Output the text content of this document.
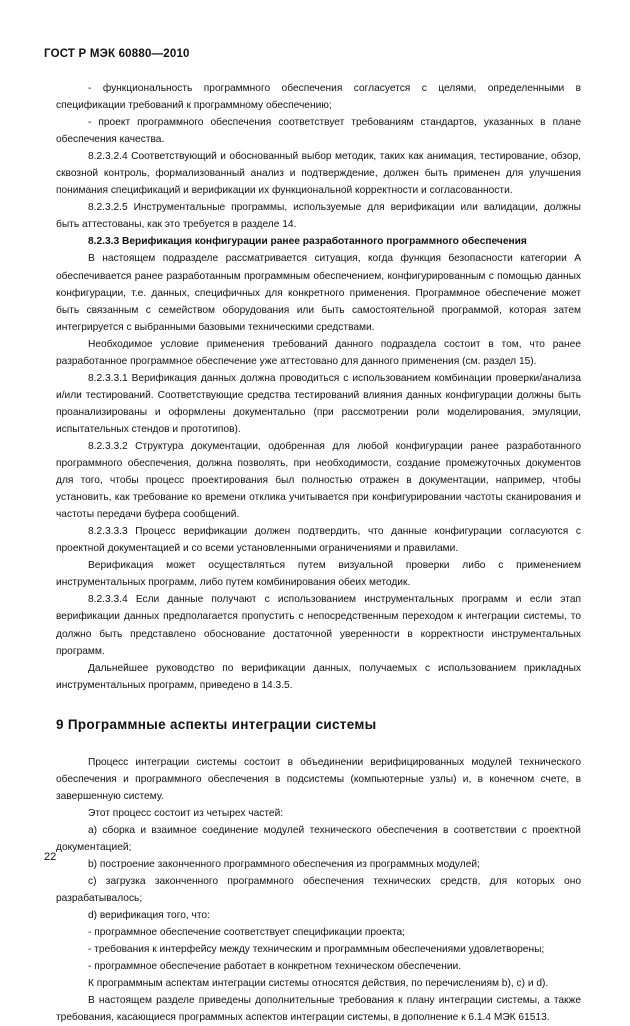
ГОСТ Р МЭК 60880—2010

- функциональность программного обеспечения согласуется с целями, определенными в спецификации требований к программному обеспечению;

- проект программного обеспечения соответствует требованиям стандартов, указанных в плане обеспечения качества.

8.2.3.2.4 Соответствующий и обоснованный выбор методик, таких как анимация, тестирование, обзор, сквозной контроль, формализованный анализ и подтверждение, должен быть применен для улучшения понимания спецификаций и верификации их функциональной корректности и согласованности.

8.2.3.2.5 Инструментальные программы, используемые для верификации или валидации, должны быть аттестованы, как это требуется в разделе 14.

8.2.3.3 Верификация конфигурации ранее разработанного программного обеспечения

В настоящем подразделе рассматривается ситуация, когда функция безопасности категории А обеспечивается ранее разработанным программным обеспечением, конфигурированным с помощью данных конфигурации, т.е. данных, специфичных для конкретного применения. Программное обеспечение может быть связанным с семейством оборудования или быть самостоятельной программой, которая затем интегрируется с выбранными базовыми техническими средствами.

Необходимое условие применения требований данного подраздела состоит в том, что ранее разработанное программное обеспечение уже аттестовано для данного применения (см. раздел 15).

8.2.3.3.1 Верификация данных должна проводиться с использованием комбинации проверки/анализа и/или тестирований. Соответствующие средства тестирований влияния данных конфигурации должны быть проанализированы и оформлены документально (при рассмотрении роли моделирования, эмуляции, испытательных стендов и прототипов).

8.2.3.3.2 Структура документации, одобренная для любой конфигурации ранее разработанного программного обеспечения, должна позволять, при необходимости, создание промежуточных документов для того, чтобы процесс проектирования был полностью отражен в документации, например, чтобы установить, как требование ко времени отклика учитывается при конфигурировании частоты сканирования и частоты передачи буфера сообщений.

8.2.3.3.3 Процесс верификации должен подтвердить, что данные конфигурации согласуются с проектной документацией и со всеми установленными ограничениями и правилами.

Верификация может осуществляться путем визуальной проверки либо с применением инструментальных программ, либо путем комбинирования обеих методик.

8.2.3.3.4 Если данные получают с использованием инструментальных программ и если этап верификации данных предполагается пропустить с непосредственным переходом к интеграции системы, то должно быть представлено обоснование достаточной уверенности в корректности инструментальных программ.

Дальнейшее руководство по верификации данных, получаемых с использованием прикладных инструментальных программ, приведено в 14.3.5.

9 Программные аспекты интеграции системы

Процесс интеграции системы состоит в объединении верифицированных модулей технического обеспечения и программного обеспечения в подсистемы (компьютерные узлы) и, в конечном счете, в завершенную систему.

Этот процесс состоит из четырех частей:

a) сборка и взаимное соединение модулей технического обеспечения в соответствии с проектной документацией;

b) построение законченного программного обеспечения из программных модулей;

c) загрузка законченного программного обеспечения технических средств, для которых оно разрабатывалось;

d) верификация того, что:

- программное обеспечение соответствует спецификации проекта;

- требования к интерфейсу между техническим и программным обеспечениями удовлетворены;

- программное обеспечение работает в конкретном техническом обеспечении.

К программным аспектам интеграции системы относятся действия, по перечислениям b), c) и d).

В настоящем разделе приведены дополнительные требования к плану интеграции системы, а также требования, касающиеся программных аспектов интеграции системы, в дополнение к 6.1.4 МЭК 61513.

22
